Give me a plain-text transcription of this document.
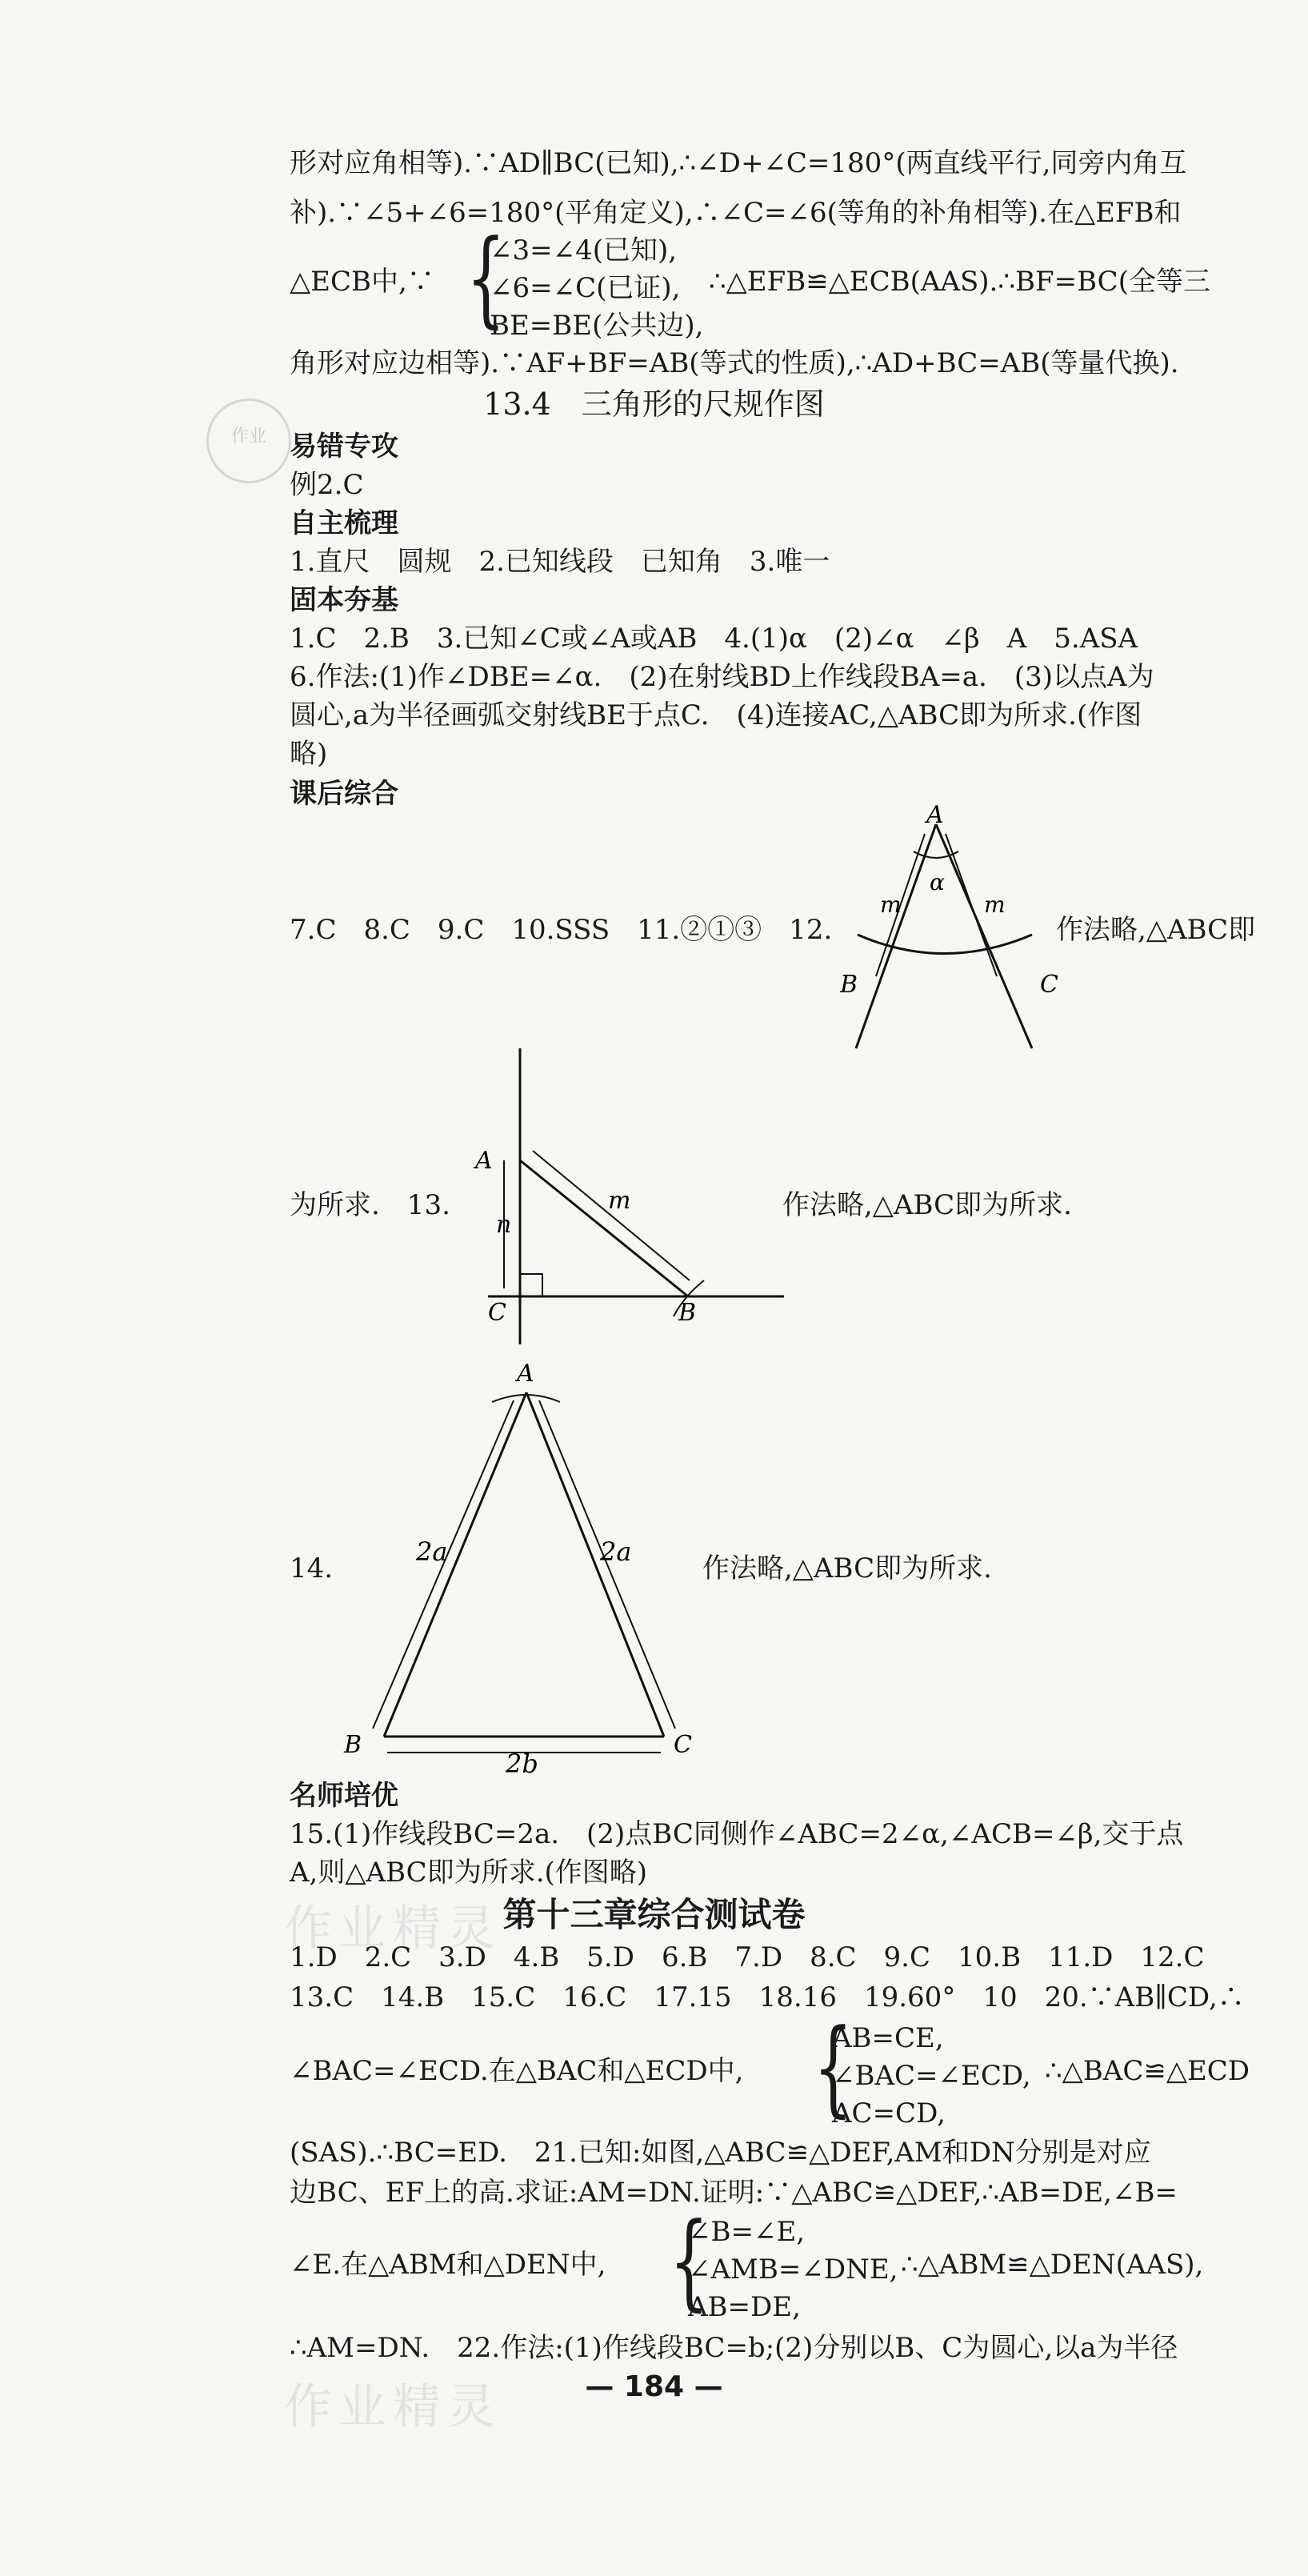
形对应角相等).∵AD∥BC(已知),∴∠D+∠C=180°(两直线平行,同旁内角互
补).∵∠5+∠6=180°(平角定义),∴∠C=∠6(等角的补角相等).在△EFB和
△ECB中,∵ {
∠3=∠4(已知),
∠6=∠C(已证),
BE=BE(公共边),
∴△EFB≌△ECB(AAS).∴BF=BC(全等三
角形对应边相等).∵AF+BF=AB(等式的性质),∴AD+BC=AB(等量代换).
13.4　三角形的尺规作图
作业 易错专攻
例2.C
自主梳理
1.直尺　圆规　2.已知线段　已知角　3.唯一
固本夯基
1.C　2.B　3.已知∠C或∠A或AB　4.(1)α　(2)∠α　∠β　A　5.ASA
6.作法:(1)作∠DBE=∠α.　(2)在射线BD上作线段BA=a.　(3)以点A为
圆心,a为半径画弧交射线BE于点C.　(4)连接AC,△ABC即为所求.(作图
略)
课后综合
A
α
m	m
B	C
7.C　8.C　9.C　10.SSS　11.②①③　12.	作法略,△ABC即
A
n
m
C	B
为所求.　13.	作法略,△ABC即为所求.
A
2a	2a
2b
B	C
14.	作法略,△ABC即为所求.
名师培优
15.(1)作线段BC=2a.　(2)点BC同侧作∠ABC=2∠α,∠ACB=∠β,交于点
A,则△ABC即为所求.(作图略)
作业精灵 第十三章综合测试卷
1.D　2.C　3.D　4.B　5.D　6.B　7.D　8.C　9.C　10.B　11.D　12.C
13.C　14.B　15.C　16.C　17.15　18.16　19.60°　10　20.∵AB∥CD,∴
∠BAC=∠ECD.在△BAC和△ECD中, {
AB=CE,
∠BAC=∠ECD,
AC=CD,
∴△BAC≌△ECD
(SAS).∴BC=ED.　21.已知:如图,△ABC≌△DEF,AM和DN分别是对应
边BC、EF上的高.求证:AM=DN.证明:∵△ABC≌△DEF,∴AB=DE,∠B=
∠E.在△ABM和△DEN中, {
∠B=∠E,
∠AMB=∠DNE,
AB=DE,
∴△ABM≌△DEN(AAS),
∴AM=DN.　22.作法:(1)作线段BC=b;(2)分别以B、C为圆心,以a为半径
作业精灵	— 184 —
